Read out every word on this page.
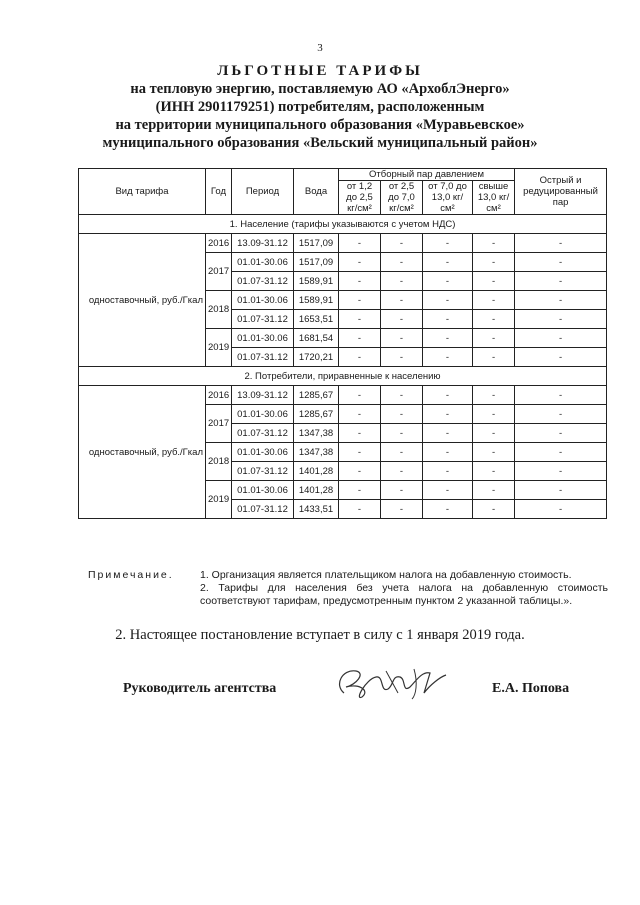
3
ЛЬГОТНЫЕ ТАРИФЫ
на тепловую энергию, поставляемую АО «АрхоблЭнерго»
(ИНН 2901179251) потребителям, расположенным
на территории муниципального образования «Муравьевское»
муниципального образования «Вельский муниципальный район»
Вид тарифа	Год	Период	Вода	Отборный пар давлением				Острый и редуцированный пар
				от 1,2 до 2,5 кг/см²	от 2,5 до 7,0 кг/см²	от 7,0 до 13,0 кг/см²	свыше 13,0 кг/см²	
1. Население (тарифы указываются с учетом НДС)								
одноставочный, руб./Гкал	2016	13.09-31.12	1517,09	-	-	-	-	-
	2017	01.01-30.06	1517,09	-	-	-	-	-
		01.07-31.12	1589,91	-	-	-	-	-
	2018	01.01-30.06	1589,91	-	-	-	-	-
		01.07-31.12	1653,51	-	-	-	-	-
	2019	01.01-30.06	1681,54	-	-	-	-	-
		01.07-31.12	1720,21	-	-	-	-	-
2. Потребители, приравненные к населению								
одноставочный, руб./Гкал	2016	13.09-31.12	1285,67	-	-	-	-	-
	2017	01.01-30.06	1285,67	-	-	-	-	-
		01.07-31.12	1347,38	-	-	-	-	-
	2018	01.01-30.06	1347,38	-	-	-	-	-
		01.07-31.12	1401,28	-	-	-	-	-
	2019	01.01-30.06	1401,28	-	-	-	-	-
		01.07-31.12	1433,51	-	-	-	-	-
Примечание.	1. Организация является плательщиком налога на добавленную стоимость.
2. Тарифы для населения без учета налога на добавленную стоимость соответствуют тарифам, предусмотренным пунктом 2 указанной таблицы.».
2. Настоящее постановление вступает в силу с 1 января 2019 года.
Руководитель агентства	Е.А. Попова
